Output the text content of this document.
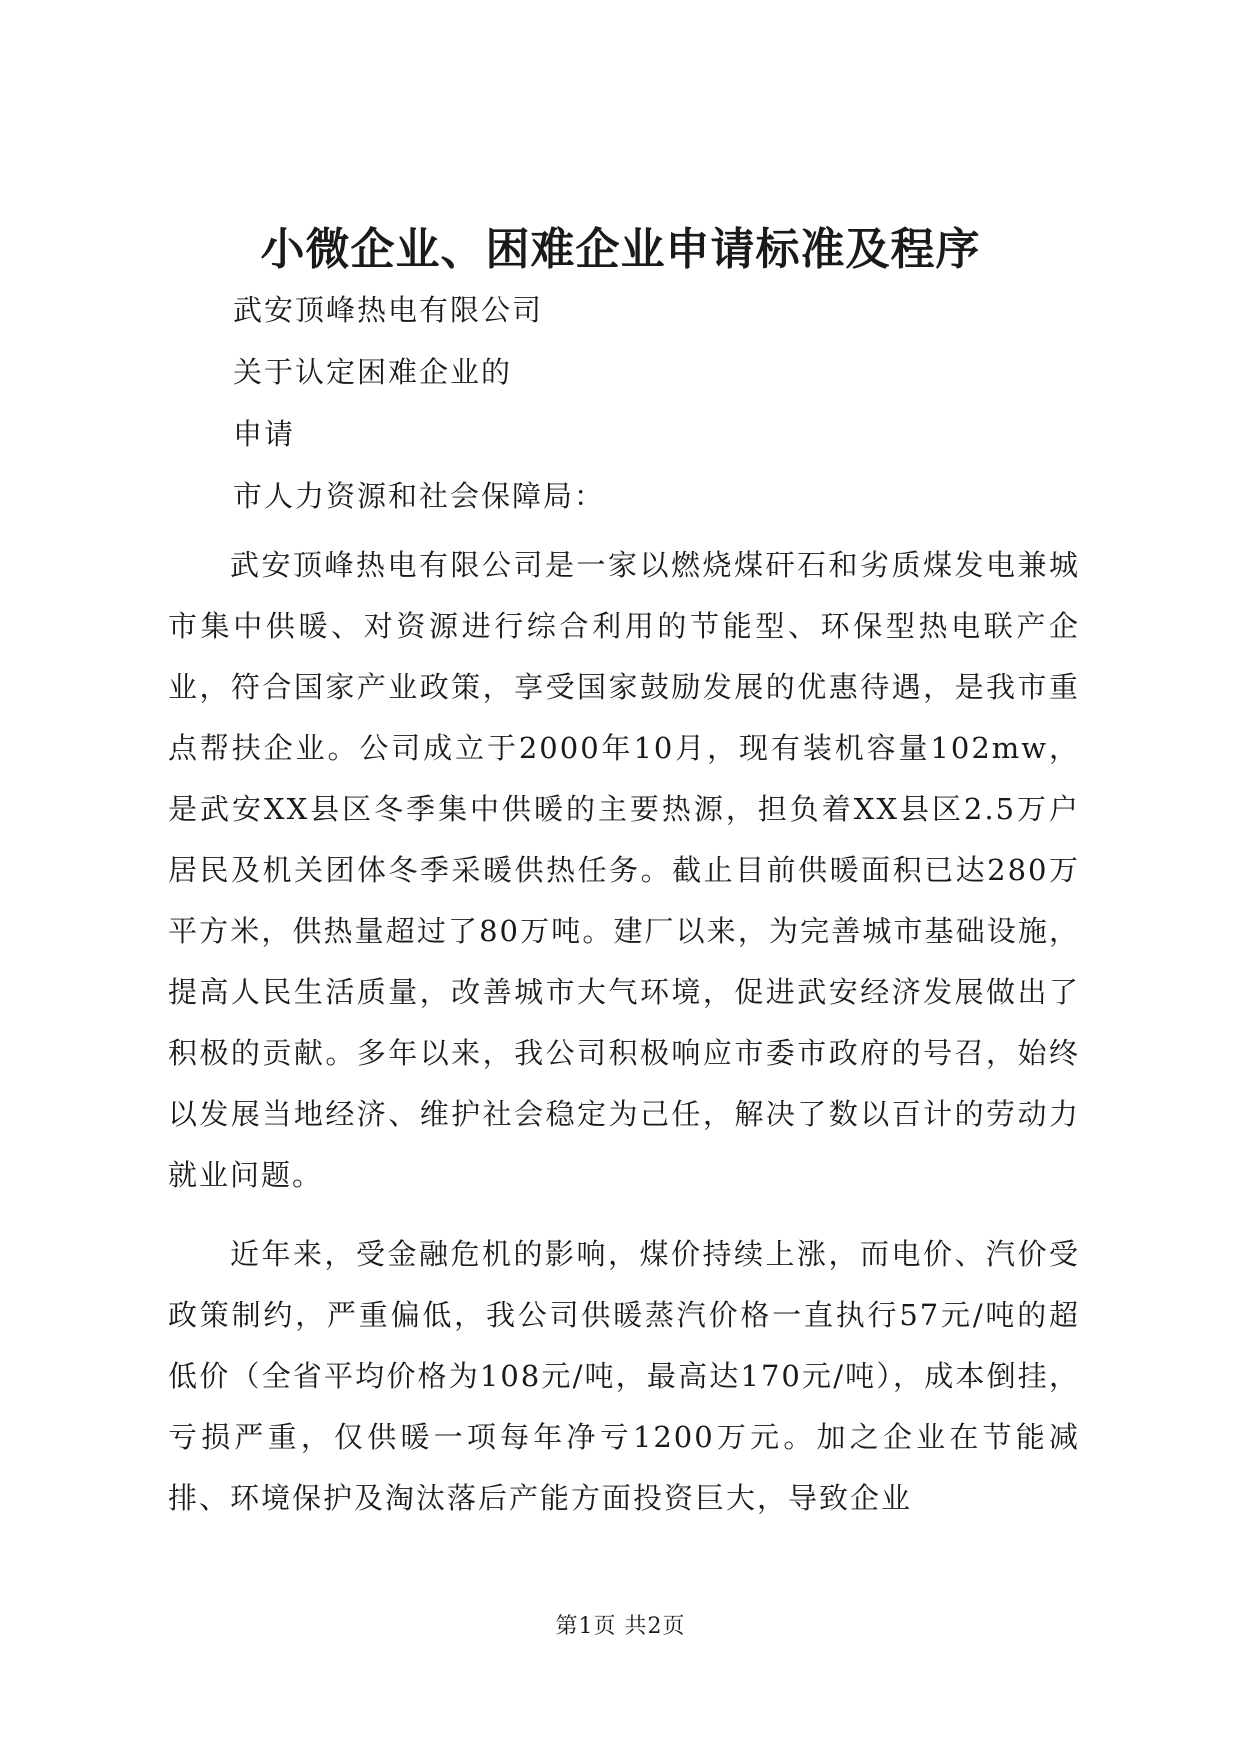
小微企业、困难企业申请标准及程序
武安顶峰热电有限公司
关于认定困难企业的
申请
市人力资源和社会保障局：
武安顶峰热电有限公司是一家以燃烧煤矸石和劣质煤发电兼城市集中供暖、对资源进行综合利用的节能型、环保型热电联产企业，符合国家产业政策，享受国家鼓励发展的优惠待遇，是我市重点帮扶企业。公司成立于2000年10月，现有装机容量102mw，是武安XX县区冬季集中供暖的主要热源，担负着XX县区2.5万户居民及机关团体冬季采暖供热任务。截止目前供暖面积已达280万平方米，供热量超过了80万吨。建厂以来，为完善城市基础设施，提高人民生活质量，改善城市大气环境，促进武安经济发展做出了积极的贡献。多年以来，我公司积极响应市委市政府的号召，始终以发展当地经济、维护社会稳定为己任，解决了数以百计的劳动力就业问题。
近年来，受金融危机的影响，煤价持续上涨，而电价、汽价受政策制约，严重偏低，我公司供暖蒸汽价格一直执行57元/吨的超低价（全省平均价格为108元/吨，最高达170元/吨），成本倒挂，亏损严重，仅供暖一项每年净亏1200万元。加之企业在节能减排、环境保护及淘汰落后产能方面投资巨大，导致企业
第1页 共2页
